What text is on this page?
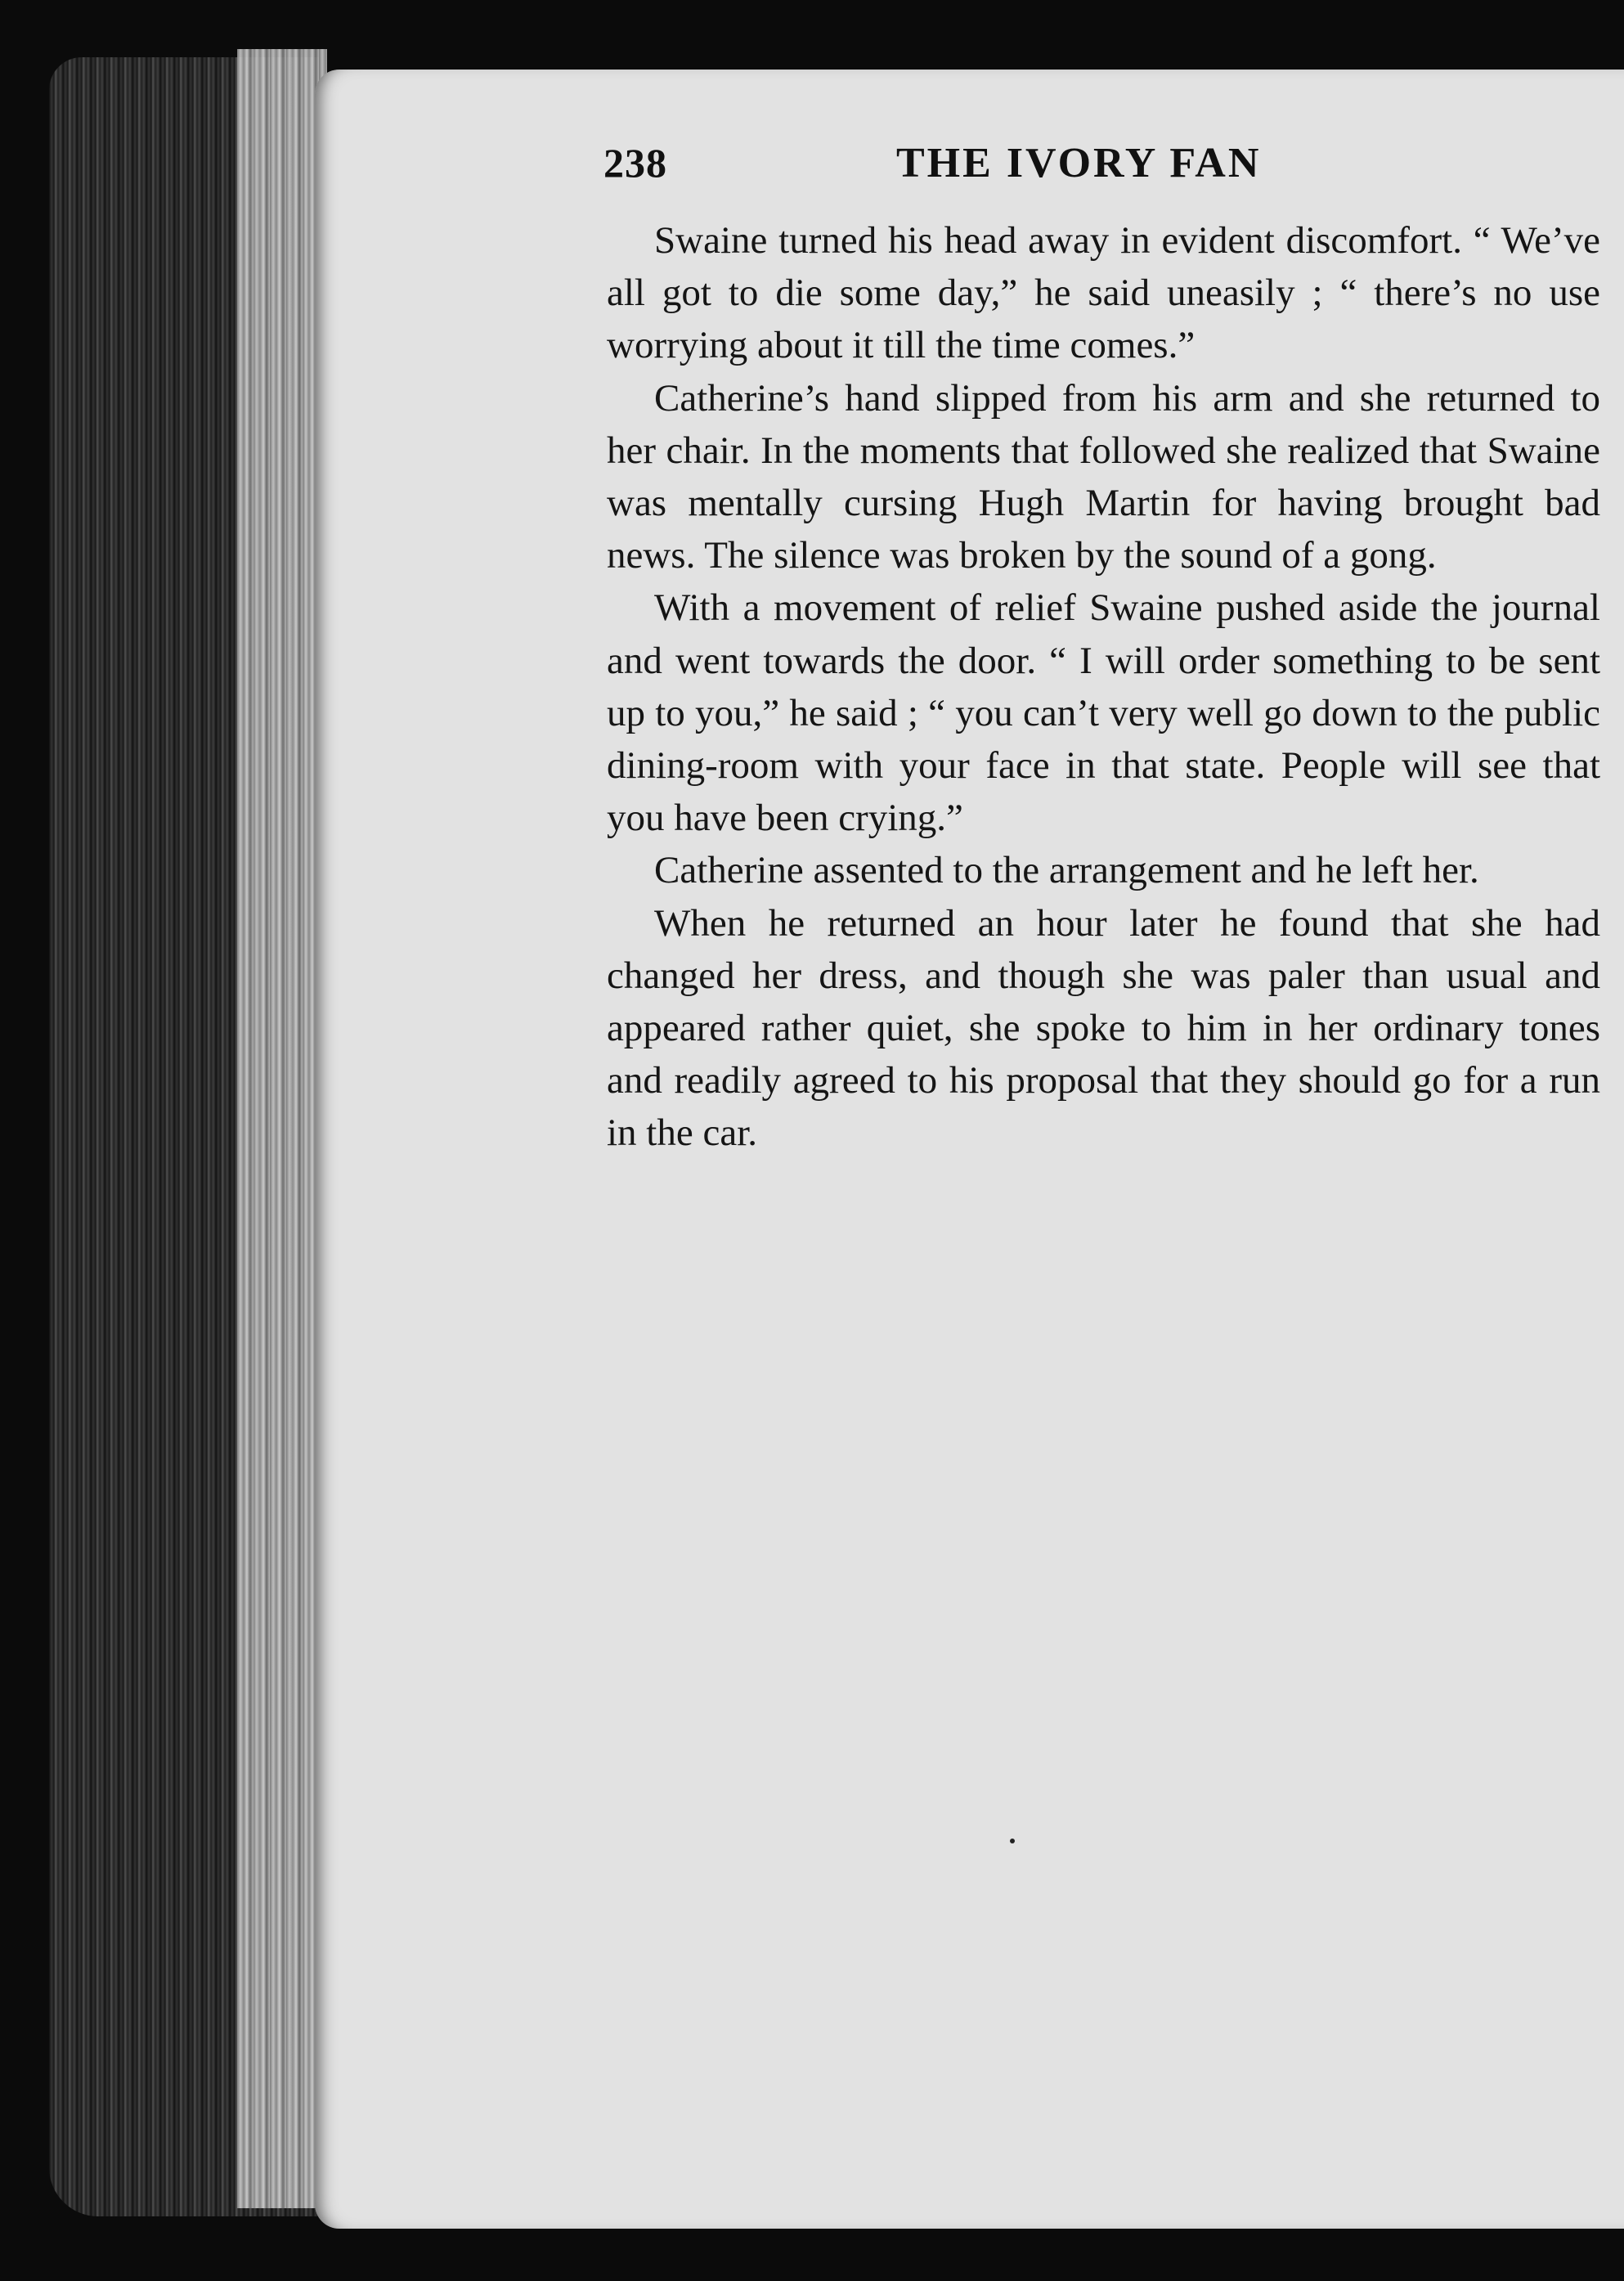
238	THE IVORY FAN

Swaine turned his head away in evident discomfort. “ We’ve all got to die some day,” he said uneasily ; “ there’s no use worrying about it till the time comes.”

Catherine’s hand slipped from his arm and she returned to her chair. In the moments that followed she realized that Swaine was mentally cursing Hugh Martin for having brought bad news. The silence was broken by the sound of a gong.

With a movement of relief Swaine pushed aside the journal and went towards the door. “ I will order something to be sent up to you,” he said ; “ you can’t very well go down to the public dining-room with your face in that state. People will see that you have been crying.”

Catherine assented to the arrangement and he left her.

When he returned an hour later he found that she had changed her dress, and though she was paler than usual and appeared rather quiet, she spoke to him in her ordinary tones and readily agreed to his proposal that they should go for a run in the car.
